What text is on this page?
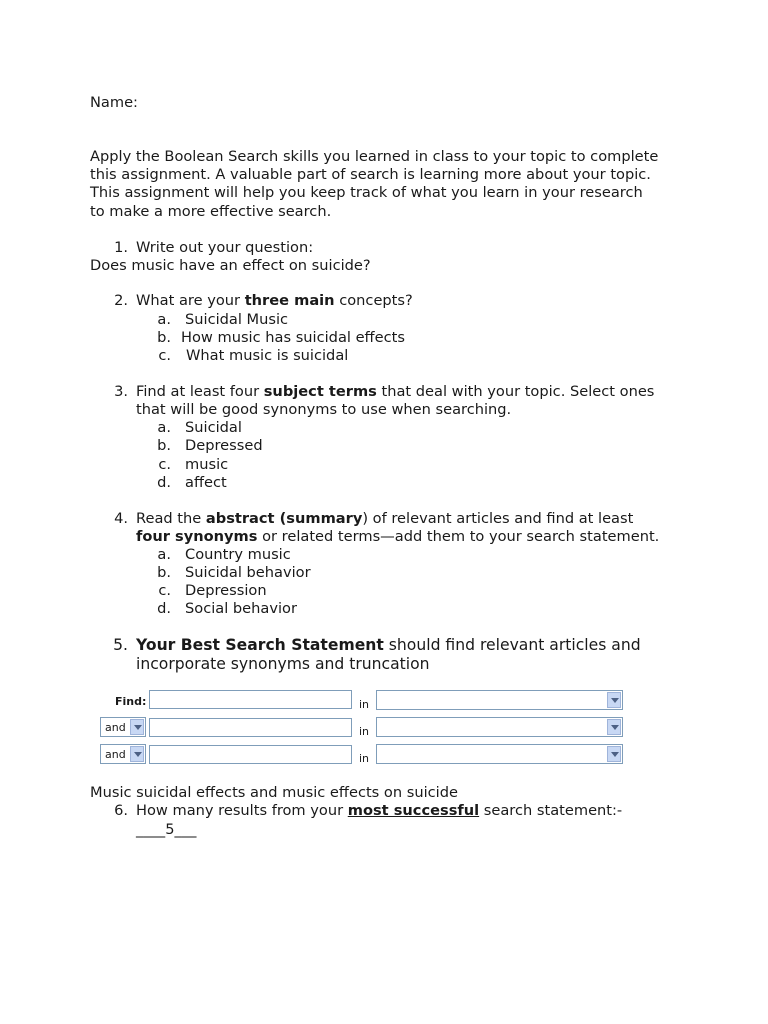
Name:
Apply the Boolean Search skills you learned in class to your topic to complete
this assignment. A valuable part of search is learning more about your topic.
This assignment will help you keep track of what you learn in your research
to make a more effective search.
1. Write out your question:
Does music have an effect on suicide?
2. What are your three main concepts?
a. Suicidal Music
b. How music has suicidal effects
c. What music is suicidal
3. Find at least four subject terms that deal with your topic. Select ones
that will be good synonyms to use when searching.
a. Suicidal
b. Depressed
c. music
d. affect
4. Read the abstract (summary) of relevant articles and find at least
four synonyms or related terms—add them to your search statement.
a. Country music
b. Suicidal behavior
c. Depression
d. Social behavior
5. Your Best Search Statement should find relevant articles and
incorporate synonyms and truncation
Find:	in
and	in
and	in
Music suicidal effects and music effects on suicide
6. How many results from your most successful search statement:-
____5___
